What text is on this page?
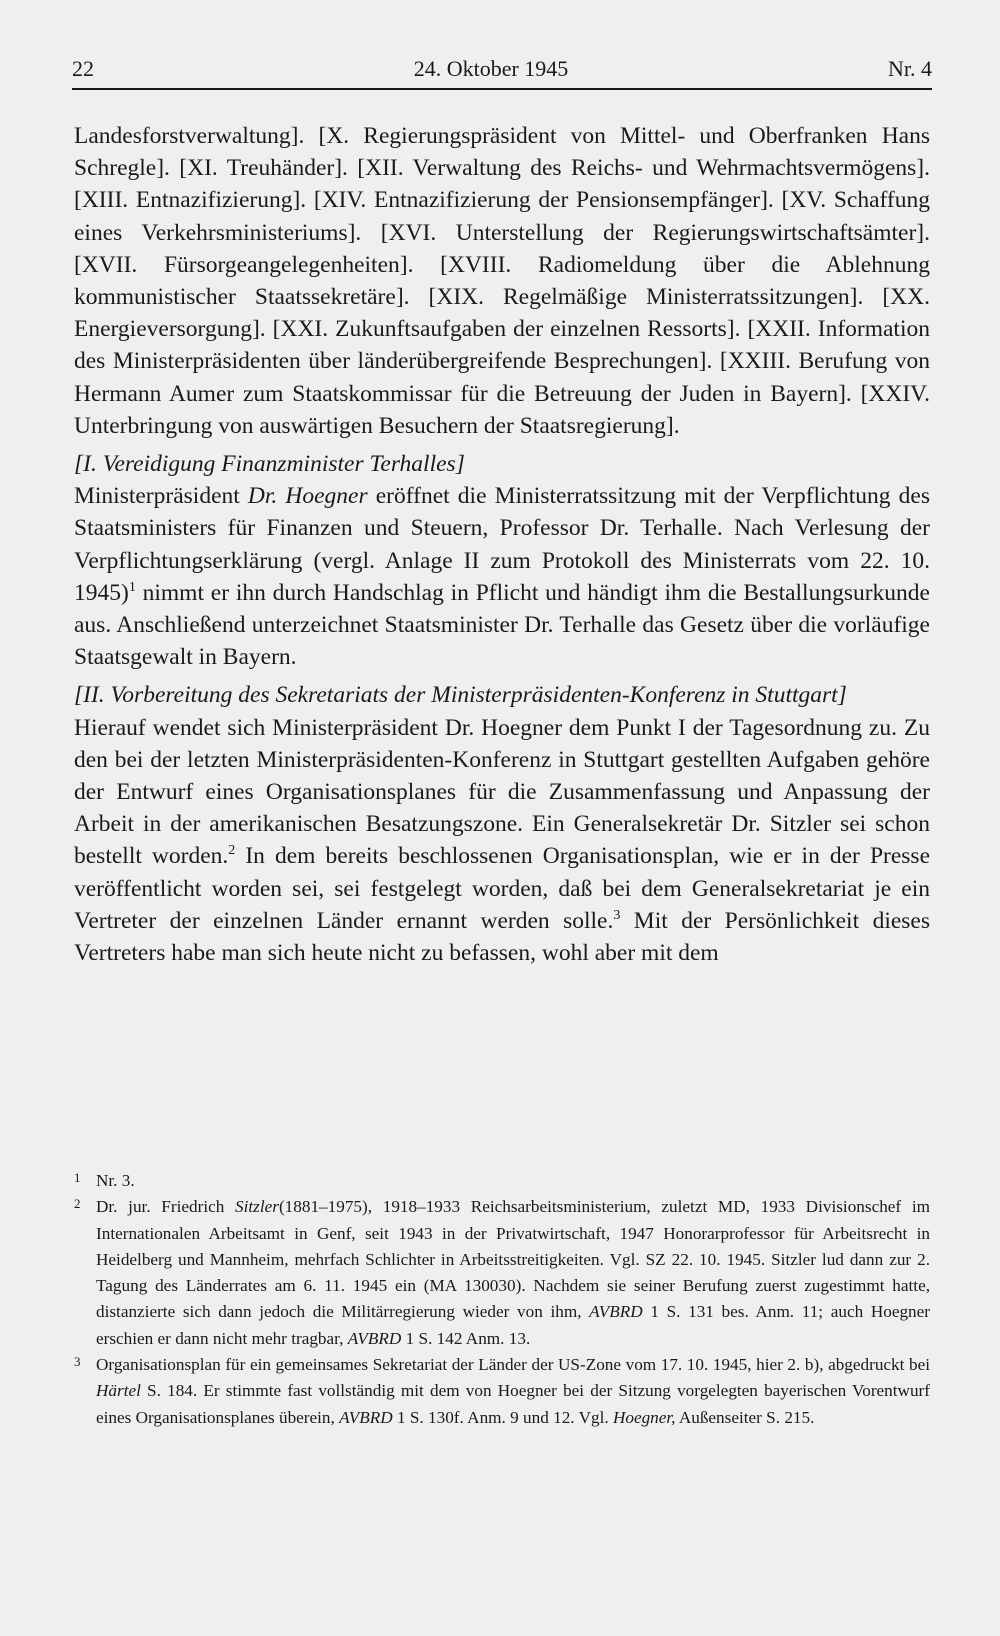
22	24. Oktober 1945	Nr. 4

Landesforstverwaltung]. [X. Regierungspräsident von Mittel- und Oberfranken Hans Schregle]. [XI. Treuhänder]. [XII. Verwaltung des Reichs- und Wehrmachtsvermögens]. [XIII. Entnazifizierung]. [XIV. Entnazifizierung der Pensionsempfänger]. [XV. Schaffung eines Verkehrsministeriums]. [XVI. Unterstellung der Regierungswirtschaftsämter]. [XVII. Fürsorgeangelegenheiten]. [XVIII. Radiomeldung über die Ablehnung kommunistischer Staatssekretäre]. [XIX. Regelmäßige Ministerratssitzungen]. [XX. Energieversorgung]. [XXI. Zukunftsaufgaben der einzelnen Ressorts]. [XXII. Information des Ministerpräsidenten über länderübergreifende Besprechungen]. [XXIII. Berufung von Hermann Aumer zum Staatskommissar für die Betreuung der Juden in Bayern]. [XXIV. Unterbringung von auswärtigen Besuchern der Staatsregierung].

[I. Vereidigung Finanzminister Terhalles]
Ministerpräsident Dr. Hoegner eröffnet die Ministerratssitzung mit der Verpflichtung des Staatsministers für Finanzen und Steuern, Professor Dr. Terhalle. Nach Verlesung der Verpflichtungserklärung (vergl. Anlage II zum Protokoll des Ministerrats vom 22. 10. 1945)$^1$ nimmt er ihn durch Handschlag in Pflicht und händigt ihm die Bestallungsurkunde aus. Anschließend unterzeichnet Staatsminister Dr. Terhalle das Gesetz über die vorläufige Staatsgewalt in Bayern.

[II. Vorbereitung des Sekretariats der Ministerpräsidenten-Konferenz in Stuttgart]
Hierauf wendet sich Ministerpräsident Dr. Hoegner dem Punkt I der Tagesordnung zu. Zu den bei der letzten Ministerpräsidenten-Konferenz in Stuttgart gestellten Aufgaben gehöre der Entwurf eines Organisationsplanes für die Zusammenfassung und Anpassung der Arbeit in der amerikanischen Besatzungszone. Ein Generalsekretär Dr. Sitzler sei schon bestellt worden.$^2$ In dem bereits beschlossenen Organisationsplan, wie er in der Presse veröffentlicht worden sei, sei festgelegt worden, daß bei dem Generalsekretariat je ein Vertreter der einzelnen Länder ernannt werden solle.$^3$ Mit der Persönlichkeit dieses Vertreters habe man sich heute nicht zu befassen, wohl aber mit dem

1 Nr. 3.
2 Dr. jur. Friedrich Sitzler(1881–1975), 1918–1933 Reichsarbeitsministerium, zuletzt MD, 1933 Divisionschef im Internationalen Arbeitsamt in Genf, seit 1943 in der Privatwirtschaft, 1947 Honorarprofessor für Arbeitsrecht in Heidelberg und Mannheim, mehrfach Schlichter in Arbeitsstreitigkeiten. Vgl. SZ 22. 10. 1945. Sitzler lud dann zur 2. Tagung des Länderrates am 6. 11. 1945 ein (MA 130030). Nachdem sie seiner Berufung zuerst zugestimmt hatte, distanzierte sich dann jedoch die Militärregierung wieder von ihm, AVBRD 1 S. 131 bes. Anm. 11; auch Hoegner erschien er dann nicht mehr tragbar, AVBRD 1 S. 142 Anm. 13.
3 Organisationsplan für ein gemeinsames Sekretariat der Länder der US-Zone vom 17. 10. 1945, hier 2. b), abgedruckt bei Härtel S. 184. Er stimmte fast vollständig mit dem von Hoegner bei der Sitzung vorgelegten bayerischen Vorentwurf eines Organisationsplanes überein, AVBRD 1 S. 130f. Anm. 9 und 12. Vgl. Hoegner, Außenseiter S. 215.
